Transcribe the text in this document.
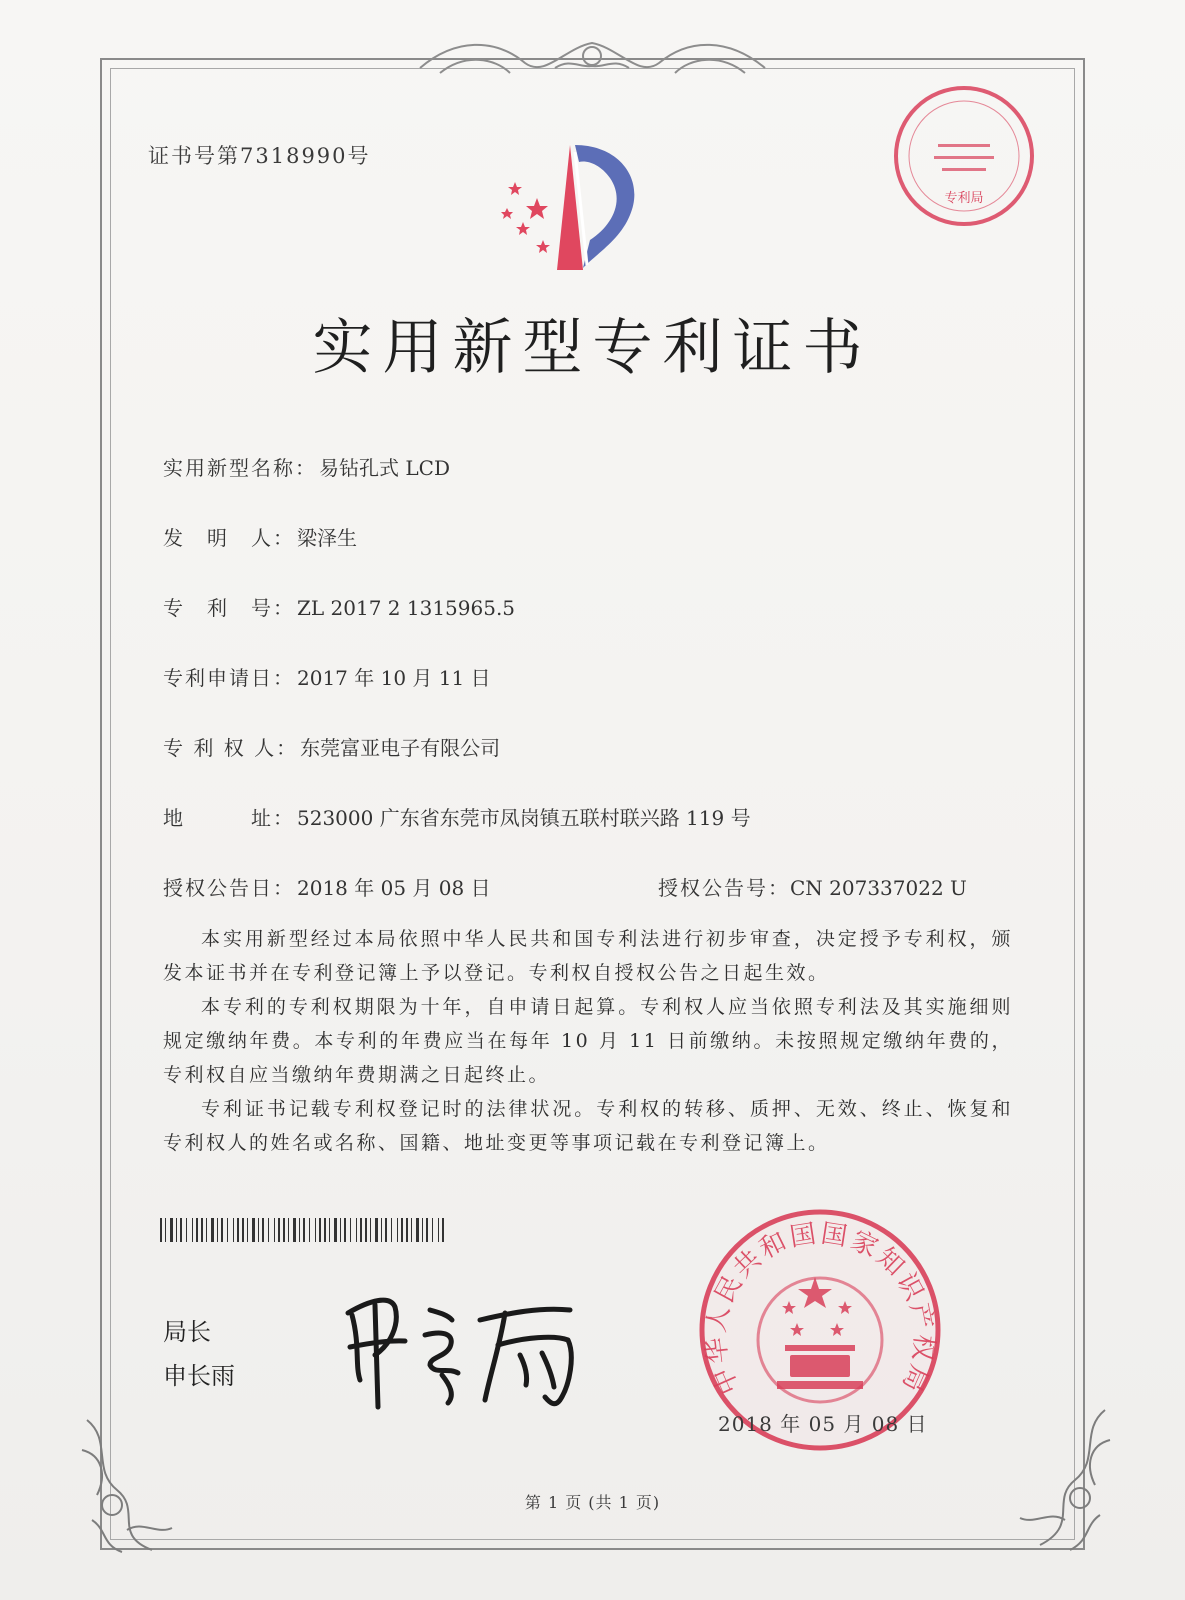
证书号第7318990号
专利局
实用新型专利证书
实用新型名称： 易钻孔式 LCD
发　明　人： 梁泽生
专　利　号： ZL 2017 2 1315965.5
专利申请日： 2017 年 10 月 11 日
专 利 权 人： 东莞富亚电子有限公司
地　　　址： 523000 广东省东莞市凤岗镇五联村联兴路 119 号
授权公告日： 2018 年 05 月 08 日	授权公告号：CN 207337022 U
本实用新型经过本局依照中华人民共和国专利法进行初步审查，决定授予专利权，颁发本证书并在专利登记簿上予以登记。专利权自授权公告之日起生效。
本专利的专利权期限为十年，自申请日起算。专利权人应当依照专利法及其实施细则规定缴纳年费。本专利的年费应当在每年 10 月 11 日前缴纳。未按照规定缴纳年费的，专利权自应当缴纳年费期满之日起终止。
专利证书记载专利权登记时的法律状况。专利权的转移、质押、无效、终止、恢复和专利权人的姓名或名称、国籍、地址变更等事项记载在专利登记簿上。
局长
申长雨	中华人民共和国国家知识产权局
2018 年 05 月 08 日
第 1 页 (共 1 页)
